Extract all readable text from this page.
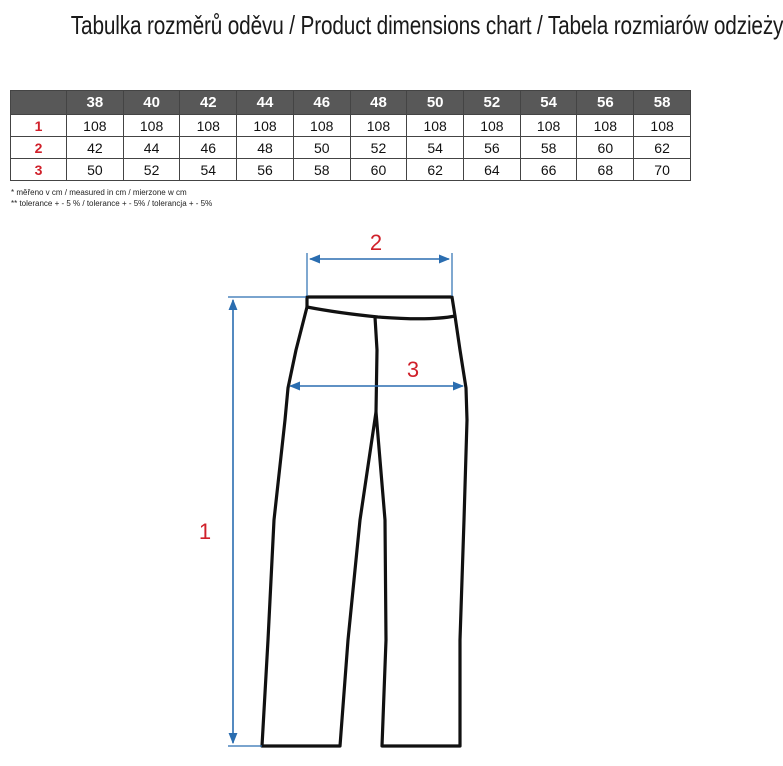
Tabulka rozměrů oděvu / Product dimensions chart / Tabela rozmiarów odzieży
	38	40	42	44	46	48	50	52	54	56	58
1	108	108	108	108	108	108	108	108	108	108	108
2	42	44	46	48	50	52	54	56	58	60	62
3	50	52	54	56	58	60	62	64	66	68	70
* měřeno v cm / measured in cm / mierzone w cm
** tolerance + - 5 % / tolerance + - 5% / tolerancja + - 5%
2
3
1
